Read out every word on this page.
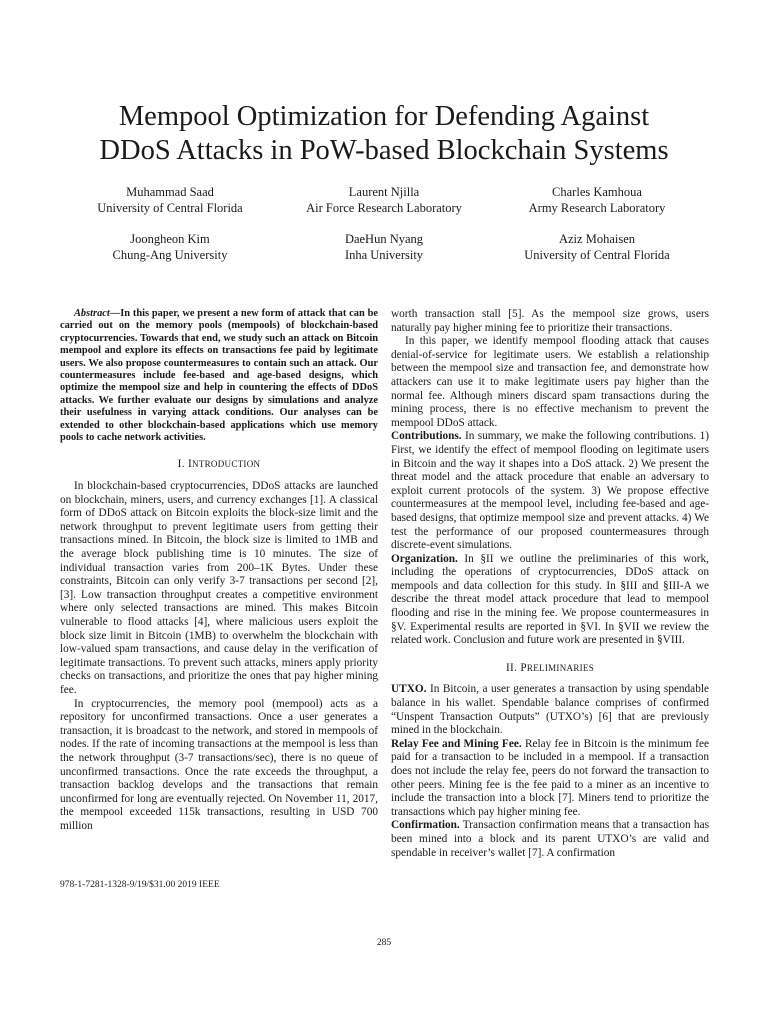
Mempool Optimization for Defending Against
DDoS Attacks in PoW-based Blockchain Systems
Muhammad Saad
University of Central Florida
Laurent Njilla
Air Force Research Laboratory
Charles Kamhoua
Army Research Laboratory
Joongheon Kim
Chung-Ang University
DaeHun Nyang
Inha University
Aziz Mohaisen
University of Central Florida
Abstract—In this paper, we present a new form of attack that can be carried out on the memory pools (mempools) of blockchain-based cryptocurrencies. Towards that end, we study such an attack on Bitcoin mempool and explore its effects on transactions fee paid by legitimate users. We also propose countermeasures to contain such an attack. Our countermeasures include fee-based and age-based designs, which optimize the mempool size and help in countering the effects of DDoS attacks. We further evaluate our designs by simulations and analyze their usefulness in varying attack conditions. Our analyses can be extended to other blockchain-based applications which use memory pools to cache network activities.
I. INTRODUCTION

In blockchain-based cryptocurrencies, DDoS attacks are launched on blockchain, miners, users, and currency exchanges [1]. A classical form of DDoS attack on Bitcoin exploits the block-size limit and the network throughput to prevent legitimate users from getting their transactions mined. In Bitcoin, the block size is limited to 1MB and the average block publishing time is 10 minutes. The size of individual transaction varies from 200–1K Bytes. Under these constraints, Bitcoin can only verify 3-7 transactions per second [2], [3]. Low transaction throughput creates a competitive environment where only selected transactions are mined. This makes Bitcoin vulnerable to flood attacks [4], where malicious users exploit the block size limit in Bitcoin (1MB) to overwhelm the blockchain with low-valued spam transactions, and cause delay in the verification of legitimate transactions. To prevent such attacks, miners apply priority checks on transactions, and prioritize the ones that pay higher mining fee.

In cryptocurrencies, the memory pool (mempool) acts as a repository for unconfirmed transactions. Once a user generates a transaction, it is broadcast to the network, and stored in mempools of nodes. If the rate of incoming transactions at the mempool is less than the network throughput (3-7 transactions/sec), there is no queue of unconfirmed transactions. Once the rate exceeds the throughput, a transaction backlog develops and the transactions that remain unconfirmed for long are eventually rejected. On November 11, 2017, the mempool exceeded 115k transactions, resulting in USD 700 million

978-1-7281-1328-9/19/$31.00 2019 IEEE

worth transaction stall [5]. As the mempool size grows, users naturally pay higher mining fee to prioritize their transactions.

In this paper, we identify mempool flooding attack that causes denial-of-service for legitimate users. We establish a relationship between the mempool size and transaction fee, and demonstrate how attackers can use it to make legitimate users pay higher than the normal fee. Although miners discard spam transactions during the mining process, there is no effective mechanism to prevent the mempool DDoS attack.

Contributions. In summary, we make the following contributions. 1) First, we identify the effect of mempool flooding on legitimate users in Bitcoin and the way it shapes into a DoS attack. 2) We present the threat model and the attack procedure that enable an adversary to exploit current protocols of the system. 3) We propose effective countermeasures at the mempool level, including fee-based and age-based designs, that optimize mempool size and prevent attacks. 4) We test the performance of our proposed countermeasures through discrete-event simulations.

Organization. In §II we outline the preliminaries of this work, including the operations of cryptocurrencies, DDoS attack on mempools and data collection for this study. In §III and §III-A we describe the threat model attack procedure that lead to mempool flooding and rise in the mining fee. We propose countermeasures in §V. Experimental results are reported in §VI. In §VII we review the related work. Conclusion and future work are presented in §VIII.

II. PRELIMINARIES

UTXO. In Bitcoin, a user generates a transaction by using spendable balance in his wallet. Spendable balance comprises of confirmed “Unspent Transaction Outputs” (UTXO’s) [6] that are previously mined in the blockchain.

Relay Fee and Mining Fee. Relay fee in Bitcoin is the minimum fee paid for a transaction to be included in a mempool. If a transaction does not include the relay fee, peers do not forward the transaction to other peers. Mining fee is the fee paid to a miner as an incentive to include the transaction into a block [7]. Miners tend to prioritize the transactions which pay higher mining fee.

Confirmation. Transaction confirmation means that a transaction has been mined into a block and its parent UTXO’s are valid and spendable in receiver’s wallet [7]. A confirmation

285
